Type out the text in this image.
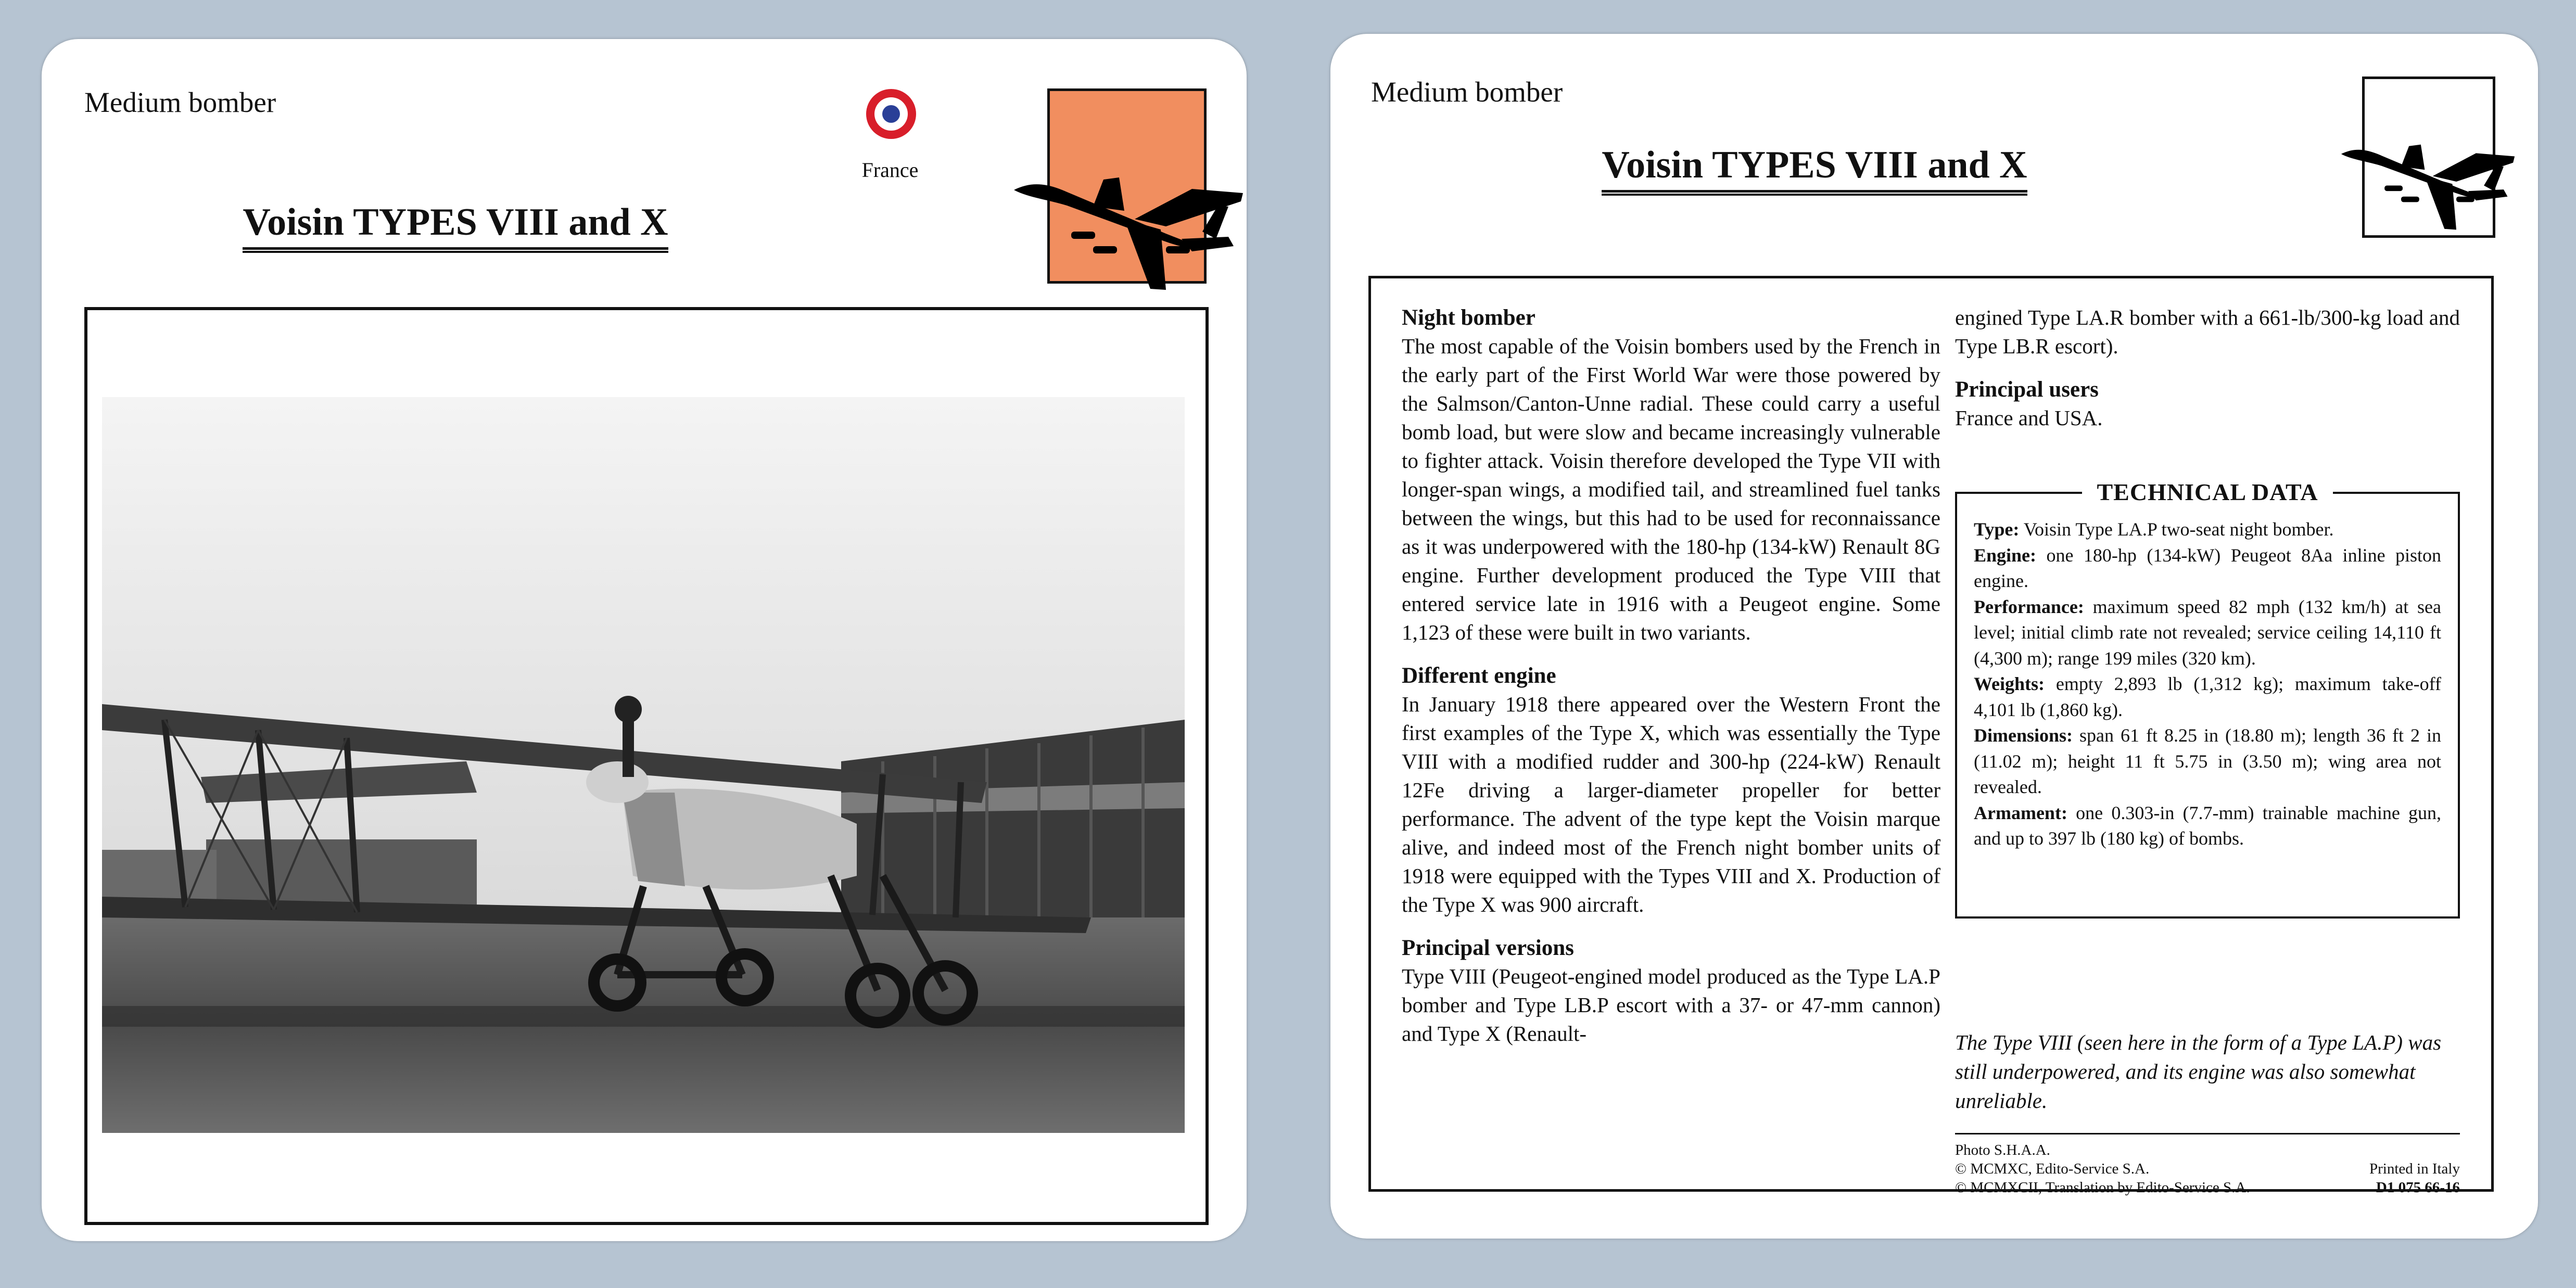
Medium bomber
France
Voisin TYPES VIII and X
Medium bomber
Voisin TYPES VIII and X
Night bomber

The most capable of the Voisin bombers used by the French in the early part of the First World War were those powered by the Salmson/Canton-Unne radial. These could carry a useful bomb load, but were slow and became increasingly vulnerable to fighter attack. Voisin therefore developed the Type VII with longer-span wings, a modified tail, and streamlined fuel tanks between the wings, but this had to be used for reconnaissance as it was underpowered with the 180-hp (134-kW) Renault 8G engine. Further development produced the Type VIII that entered service late in 1916 with a Peugeot engine. Some 1,123 of these were built in two variants.

Different engine

In January 1918 there appeared over the Western Front the first examples of the Type X, which was essentially the Type VIII with a modified rudder and 300-hp (224-kW) Renault 12Fe driving a larger-diameter propeller for better performance. The advent of the type kept the Voisin marque alive, and indeed most of the French night bomber units of 1918 were equipped with the Types VIII and X. Production of the Type X was 900 aircraft.

Principal versions

Type VIII (Peugeot-engined model produced as the Type LA.P bomber and Type LB.P escort with a 37- or 47-mm cannon) and Type X (Renault-

engined Type LA.R bomber with a 661-lb/300-kg load and Type LB.R escort).

Principal users

France and USA.

TECHNICAL DATA
Type: Voisin Type LA.P two-seat night bomber.
Engine: one 180-hp (134-kW) Peugeot 8Aa inline piston engine.
Performance: maximum speed 82 mph (132 km/h) at sea level; initial climb rate not revealed; service ceiling 14,110 ft (4,300 m); range 199 miles (320 km).
Weights: empty 2,893 lb (1,312 kg); maximum take-off 4,101 lb (1,860 kg).
Dimensions: span 61 ft 8.25 in (18.80 m); length 36 ft 2 in (11.02 m); height 11 ft 5.75 in (3.50 m); wing area not revealed.
Armament: one 0.303-in (7.7-mm) trainable machine gun, and up to 397 lb (180 kg) of bombs.
The Type VIII (seen here in the form of a Type LA.P) was still underpowered, and its engine was also somewhat unreliable.
Photo S.H.A.A.
© MCMXC, Edito-Service S.A.
© MCMXCII, Translation by Edito-Service S.A.
Printed in Italy
D1 075 66-16
